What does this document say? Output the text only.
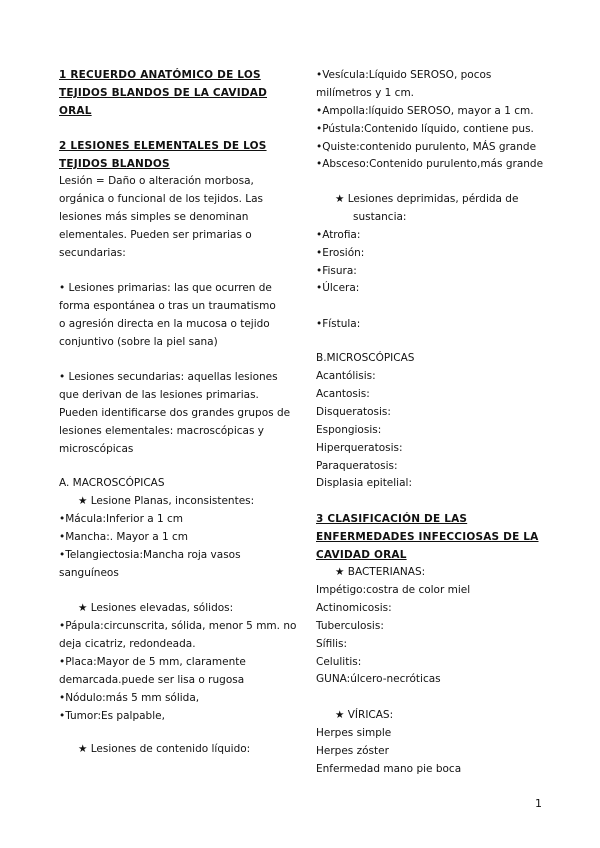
1 RECUERDO ANATÓMICO DE LOS
TEJIDOS BLANDOS DE LA CAVIDAD
ORAL
2 LESIONES ELEMENTALES DE LOS
TEJIDOS BLANDOS
Lesión = Daño o alteración morbosa,
orgánica o funcional de los tejidos. Las
lesiones más simples se denominan
elementales. Pueden ser primarias o
secundarias:
• Lesiones primarias: las que ocurren de
forma espontánea o tras un traumatismo
o agresión directa en la mucosa o tejido
conjuntivo (sobre la piel sana)
• Lesiones secundarias: aquellas lesiones
que derivan de las lesiones primarias.
Pueden identificarse dos grandes grupos de
lesiones elementales: macroscópicas y
microscópicas
A. MACROSCÓPICAS
★ Lesione Planas, inconsistentes:
•Mácula:Inferior a 1 cm
•Mancha:. Mayor a 1 cm
•Telangiectosia:Mancha roja vasos
sanguíneos
★ Lesiones elevadas, sólidos:
•Pápula:circunscrita, sólida, menor 5 mm. no
deja cicatriz, redondeada.
•Placa:Mayor de 5 mm, claramente
demarcada.puede ser lisa o rugosa
•Nódulo:más 5 mm sólida,
•Tumor:Es palpable,
★ Lesiones de contenido líquido:
•Vesícula:Líquido SEROSO, pocos
milímetros y 1 cm.
•Ampolla:líquido SEROSO, mayor a 1 cm.
•Pústula:Contenido líquido, contiene pus.
•Quiste:contenido purulento, MÁS grande
•Absceso:Contenido purulento,más grande
★ Lesiones deprimidas, pérdida de
sustancia:
•Atrofia:
•Erosión:
•Fisura:
•Úlcera:
•Fístula:
B.MICROSCÓPICAS
Acantólisis:
Acantosis:
Disqueratosis:
Espongiosis:
Hiperqueratosis:
Paraqueratosis:
Displasia epitelial:
3 CLASIFICACIÓN DE LAS
ENFERMEDADES INFECCIOSAS DE LA
CAVIDAD ORAL
★ BACTERIANAS:
Impétigo:costra de color miel
Actinomicosis:
Tuberculosis:
Sífilis:
Celulitis:
GUNA:úlcero-necróticas
★ VÍRICAS:
Herpes simple
Herpes zóster
Enfermedad mano pie boca
1
